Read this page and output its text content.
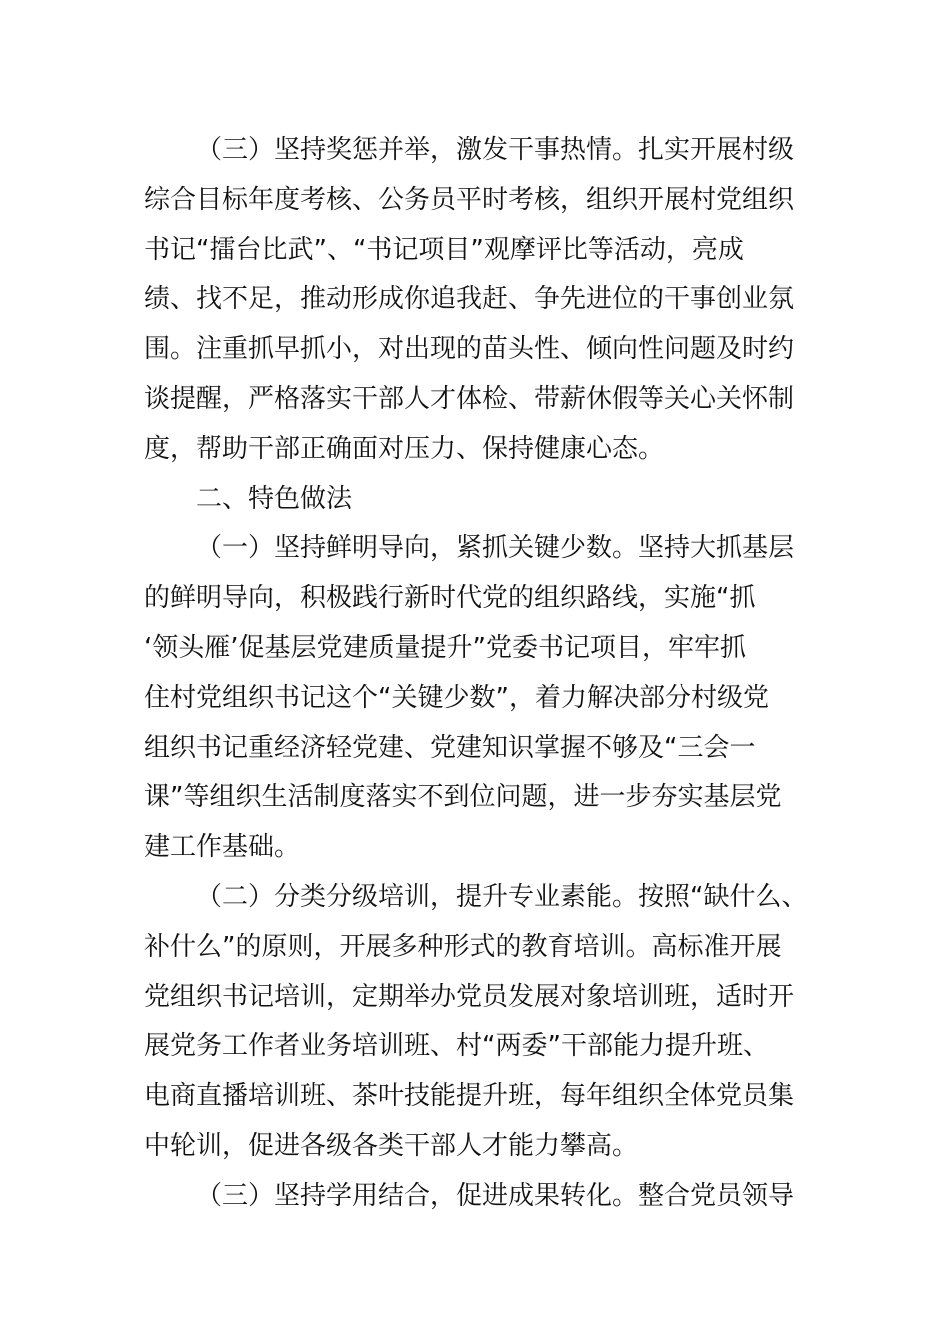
（三）坚持奖惩并举，激发干事热情。扎实开展村级
综合目标年度考核、公务员平时考核，组织开展村党组织
书记“擂台比武”、“书记项目”观摩评比等活动，亮成
绩、找不足，推动形成你追我赶、争先进位的干事创业氛
围。注重抓早抓小，对出现的苗头性、倾向性问题及时约
谈提醒，严格落实干部人才体检、带薪休假等关心关怀制
度，帮助干部正确面对压力、保持健康心态。
二、特色做法
（一）坚持鲜明导向，紧抓关键少数。坚持大抓基层
的鲜明导向，积极践行新时代党的组织路线，实施“抓
‘领头雁’促基层党建质量提升”党委书记项目，牢牢抓
住村党组织书记这个“关键少数”，着力解决部分村级党
组织书记重经济轻党建、党建知识掌握不够及“三会一
课”等组织生活制度落实不到位问题，进一步夯实基层党
建工作基础。
（二）分类分级培训，提升专业素能。按照“缺什么、
补什么”的原则，开展多种形式的教育培训。高标准开展
党组织书记培训，定期举办党员发展对象培训班，适时开
展党务工作者业务培训班、村“两委”干部能力提升班、
电商直播培训班、茶叶技能提升班，每年组织全体党员集
中轮训，促进各级各类干部人才能力攀高。
（三）坚持学用结合，促进成果转化。整合党员领导
